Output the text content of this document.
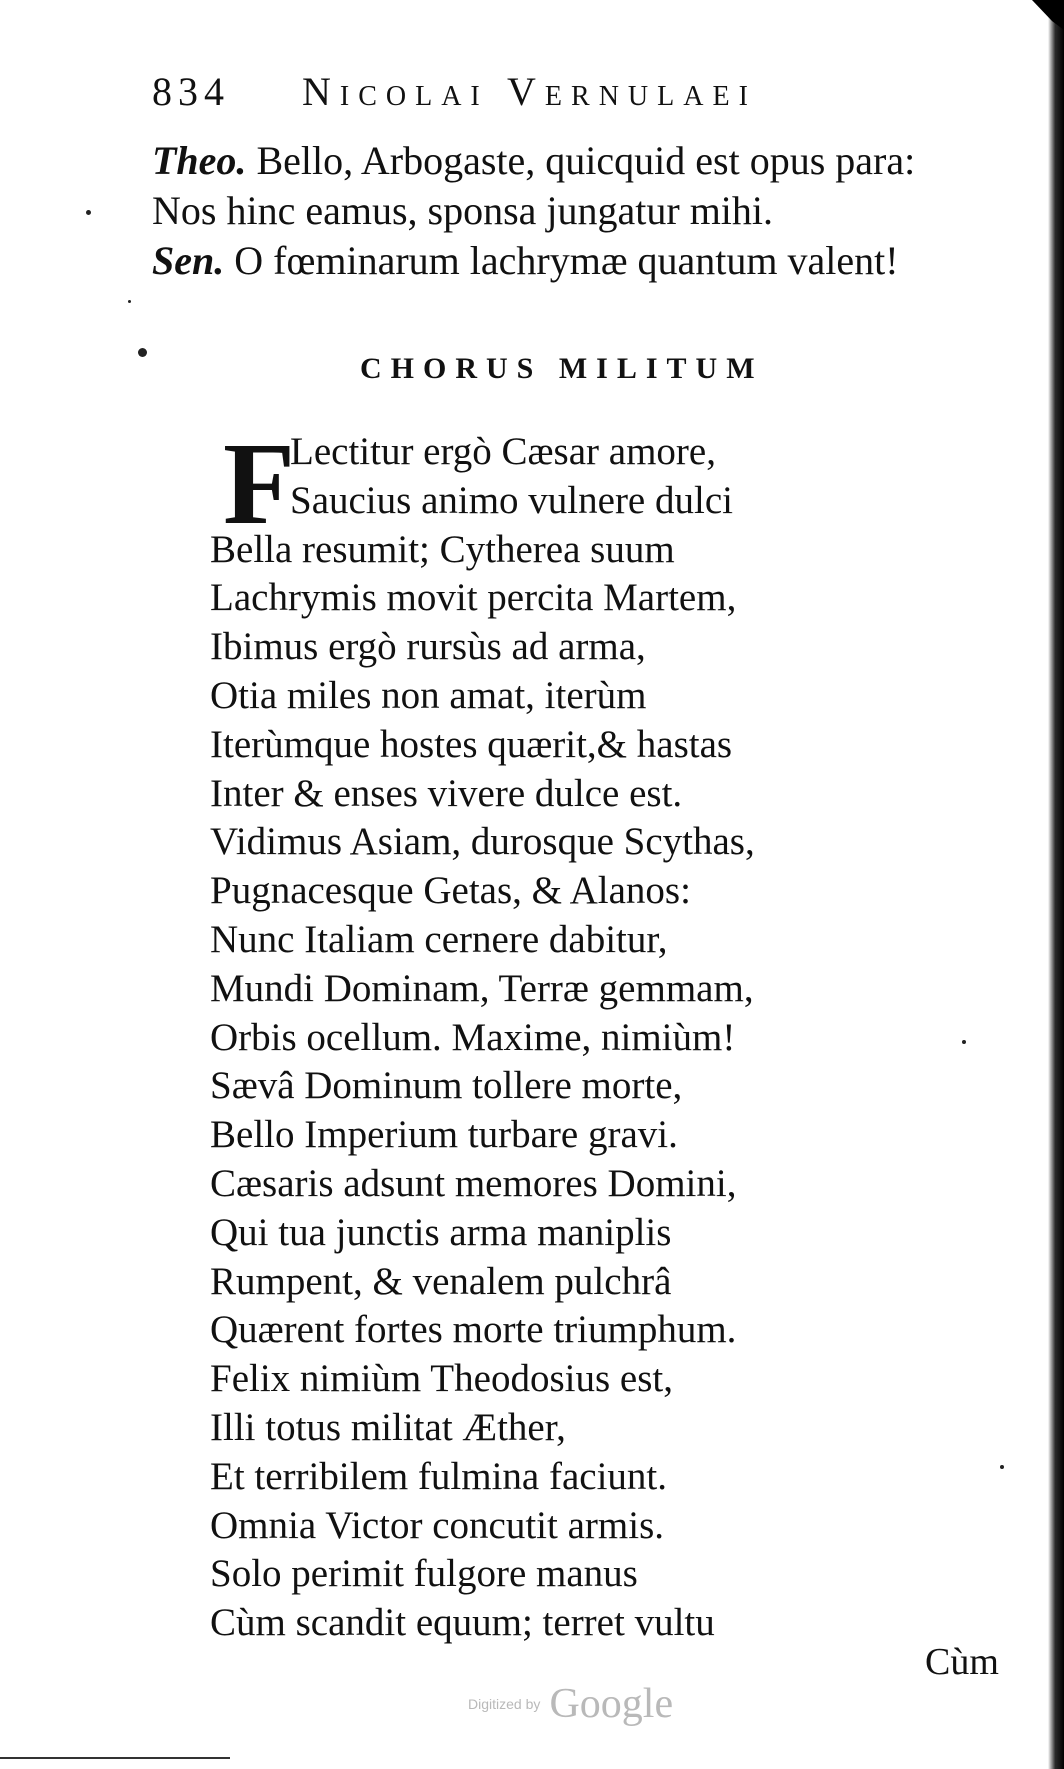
834 Nicolai Vernulaei
Theo. Bello, Arbogaste, quicquid est opus para:
Nos hinc eamus, sponsa jungatur mihi.
Sen. O fœminarum lachrymæ quantum valent!
CHORUS MILITUM
F
Lectitur ergò Cæsar amore,
Saucius animo vulnere dulci
Bella resumit; Cytherea suum
Lachrymis movit percita Martem,
Ibimus ergò rursùs ad arma,
Otia miles non amat, iterùm
Iterùmque hostes quærit,& hastas
Inter & enses vivere dulce est.
Vidimus Asiam, durosque Scythas,
Pugnacesque Getas, & Alanos:
Nunc Italiam cernere dabitur,
Mundi Dominam, Terræ gemmam,
Orbis ocellum. Maxime, nimiùm!
Sævâ Dominum tollere morte,
Bello Imperium turbare gravi.
Cæsaris adsunt memores Domini,
Qui tua junctis arma maniplis
Rumpent, & venalem pulchrâ
Quærent fortes morte triumphum.
Felix nimiùm Theodosius est,
Illi totus militat Æther,
Et terribilem fulmina faciunt.
Omnia Victor concutit armis.
Solo perimit fulgore manus
Cùm scandit equum; terret vultu
Cùm
Digitized by Google
